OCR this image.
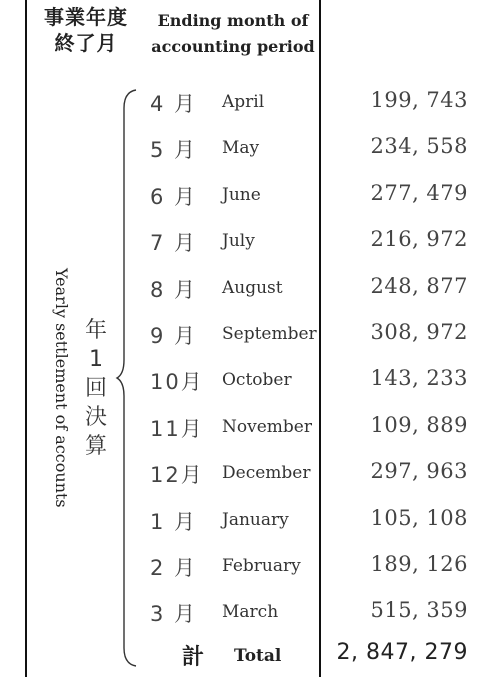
事業年度
終了月
Ending month of
accounting period
Yearly settlement of accounts 年
1
回
決
算
4 月	April	199, 743
5 月	May	234, 558
6 月	June	277, 479
7 月	July	216, 972
8 月	August	248, 877
9 月	September	308, 972
10月 October	143, 233
11月 November	109, 889
12月 December	297, 963
1 月	January	105, 108
2 月	February	189, 126
3 月	March	515, 359
計 Total	2, 847, 279
